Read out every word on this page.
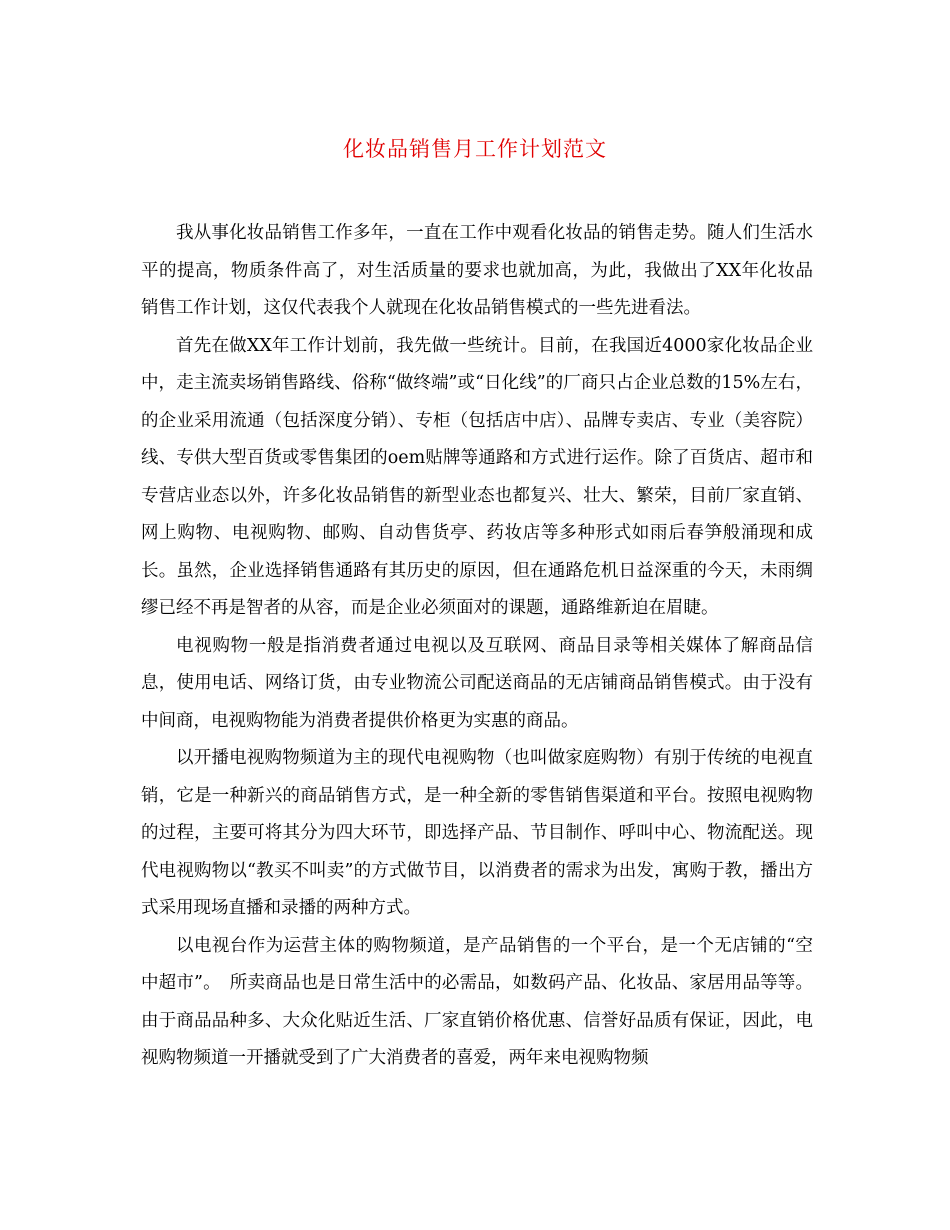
化妆品销售月工作计划范文

我从事化妆品销售工作多年，一直在工作中观看化妆品的销售走势。随人们生活水平的提高，物质条件高了，对生活质量的要求也就加高，为此，我做出了XX年化妆品销售工作计划，这仅代表我个人就现在化妆品销售模式的一些先进看法。

首先在做XX年工作计划前，我先做一些统计。目前，在我国近4000家化妆品企业中，走主流卖场销售路线、俗称“做终端”或“日化线”的厂商只占企业总数的15%左右，的企业采用流通（包括深度分销）、专柜（包括店中店）、品牌专卖店、专业（美容院）线、专供大型百货或零售集团的oem贴牌等通路和方式进行运作。除了百货店、超市和专营店业态以外，许多化妆品销售的新型业态也都复兴、壮大、繁荣，目前厂家直销、网上购物、电视购物、邮购、自动售货亭、药妆店等多种形式如雨后春笋般涌现和成长。虽然，企业选择销售通路有其历史的原因，但在通路危机日益深重的今天，未雨绸缪已经不再是智者的从容，而是企业必须面对的课题，通路维新迫在眉睫。

电视购物一般是指消费者通过电视以及互联网、商品目录等相关媒体了解商品信息，使用电话、网络订货，由专业物流公司配送商品的无店铺商品销售模式。由于没有中间商，电视购物能为消费者提供价格更为实惠的商品。

以开播电视购物频道为主的现代电视购物（也叫做家庭购物）有别于传统的电视直销，它是一种新兴的商品销售方式，是一种全新的零售销售渠道和平台。按照电视购物的过程，主要可将其分为四大环节，即选择产品、节目制作、呼叫中心、物流配送。现代电视购物以“教买不叫卖”的方式做节目，以消费者的需求为出发，寓购于教，播出方式采用现场直播和录播的两种方式。

以电视台作为运营主体的购物频道，是产品销售的一个平台，是一个无店铺的“空中超市”。　所卖商品也是日常生活中的必需品，如数码产品、化妆品、家居用品等等。由于商品品种多、大众化贴近生活、厂家直销价格优惠、信誉好品质有保证，因此，电视购物频道一开播就受到了广大消费者的喜爱，两年来电视购物频
